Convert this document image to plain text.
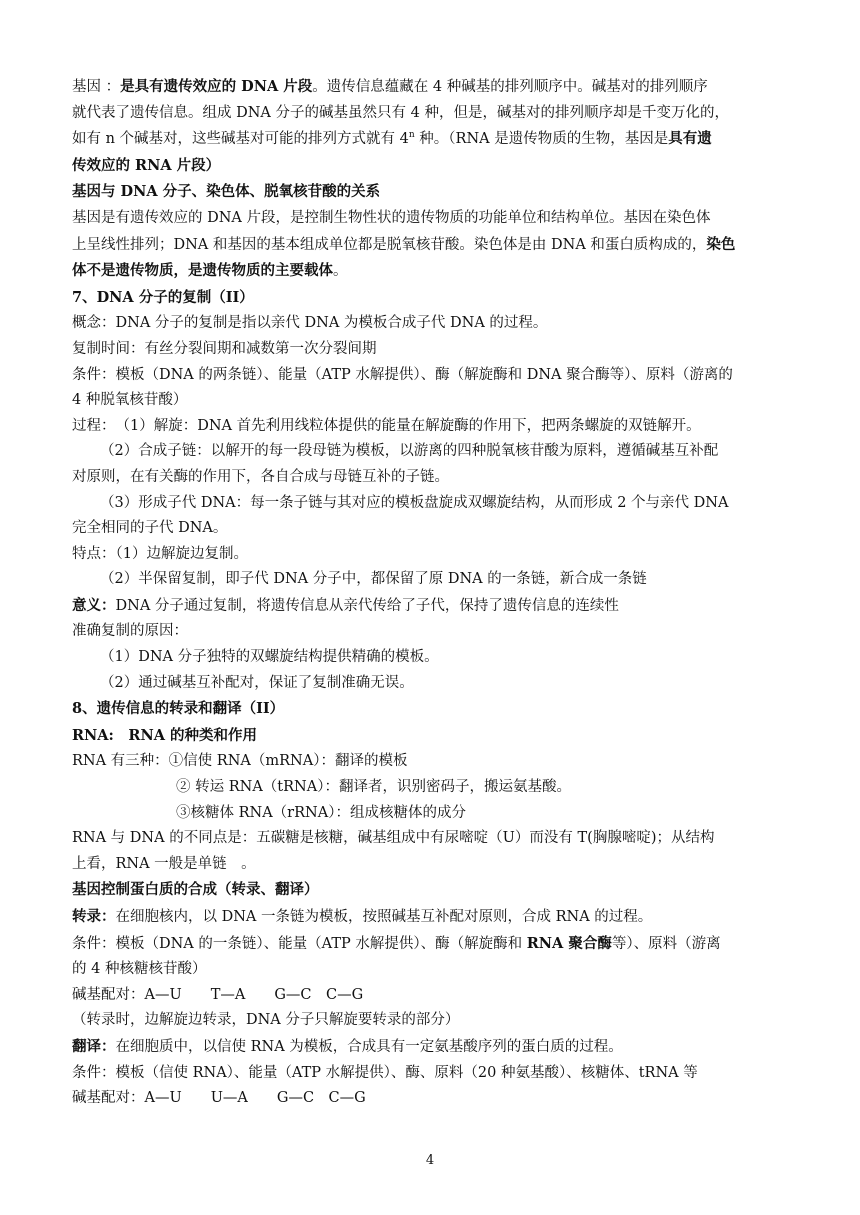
基因 ：是具有遗传效应的 DNA 片段。遗传信息蕴藏在 4 种碱基的排列顺序中。碱基对的排列顺序

就代表了遗传信息。组成 DNA 分子的碱基虽然只有 4 种，但是，碱基对的排列顺序却是千变万化的，

如有 n 个碱基对，这些碱基对可能的排列方式就有 4$^n$ 种。（RNA 是遗传物质的生物，基因是具有遗

传效应的 RNA 片段）

基因与 DNA 分子、染色体、脱氧核苷酸的关系

基因是有遗传效应的 DNA 片段，是控制生物性状的遗传物质的功能单位和结构单位。基因在染色体

上呈线性排列；DNA 和基因的基本组成单位都是脱氧核苷酸。染色体是由 DNA 和蛋白质构成的，染色

体不是遗传物质，是遗传物质的主要载体。

7、DNA 分子的复制（II）

概念：DNA 分子的复制是指以亲代 DNA 为模板合成子代 DNA 的过程。

复制时间：有丝分裂间期和减数第一次分裂间期

条件：模板（DNA 的两条链）、能量（ATP 水解提供）、酶（解旋酶和 DNA 聚合酶等）、原料（游离的

4 种脱氧核苷酸）

过程：　（1）解旋：DNA 首先利用线粒体提供的能量在解旋酶的作用下，把两条螺旋的双链解开。

（2）合成子链：以解开的每一段母链为模板，以游离的四种脱氧核苷酸为原料，遵循碱基互补配

对原则，在有关酶的作用下，各自合成与母链互补的子链。

（3）形成子代 DNA：每一条子链与其对应的模板盘旋成双螺旋结构，从而形成 2 个与亲代 DNA

完全相同的子代 DNA。

特点：（1）边解旋边复制。

（2）半保留复制，即子代 DNA 分子中，都保留了原 DNA 的一条链，新合成一条链

意义：DNA 分子通过复制，将遗传信息从亲代传给了子代，保持了遗传信息的连续性

准确复制的原因：

（1）DNA 分子独特的双螺旋结构提供精确的模板。

（2）通过碱基互补配对，保证了复制准确无误。

8、遗传信息的转录和翻译（II）

RNA:　RNA 的种类和作用

RNA 有三种：①信使 RNA（mRNA）：翻译的模板

② 转运 RNA（tRNA）：翻译者，识别密码子，搬运氨基酸。

③核糖体 RNA（rRNA）：组成核糖体的成分

RNA 与 DNA 的不同点是：五碳糖是核糖，碱基组成中有尿嘧啶（U）而没有 T(胸腺嘧啶)；从结构

上看，RNA 一般是单链　。

基因控制蛋白质的合成（转录、翻译）

转录：在细胞核内，以 DNA 一条链为模板，按照碱基互补配对原则，合成 RNA 的过程。

条件：模板（DNA 的一条链）、能量（ATP 水解提供）、酶（解旋酶和 RNA 聚合酶等）、原料（游离

的 4 种核糖核苷酸）

碱基配对：A—U　　T—A　　G—C　C—G

（转录时，边解旋边转录，DNA 分子只解旋要转录的部分）

翻译：在细胞质中，以信使 RNA 为模板，合成具有一定氨基酸序列的蛋白质的过程。

条件：模板（信使 RNA）、能量（ATP 水解提供）、酶、原料（20 种氨基酸）、核糖体、tRNA 等

碱基配对：A—U　　U—A　　G—C　C—G

4
